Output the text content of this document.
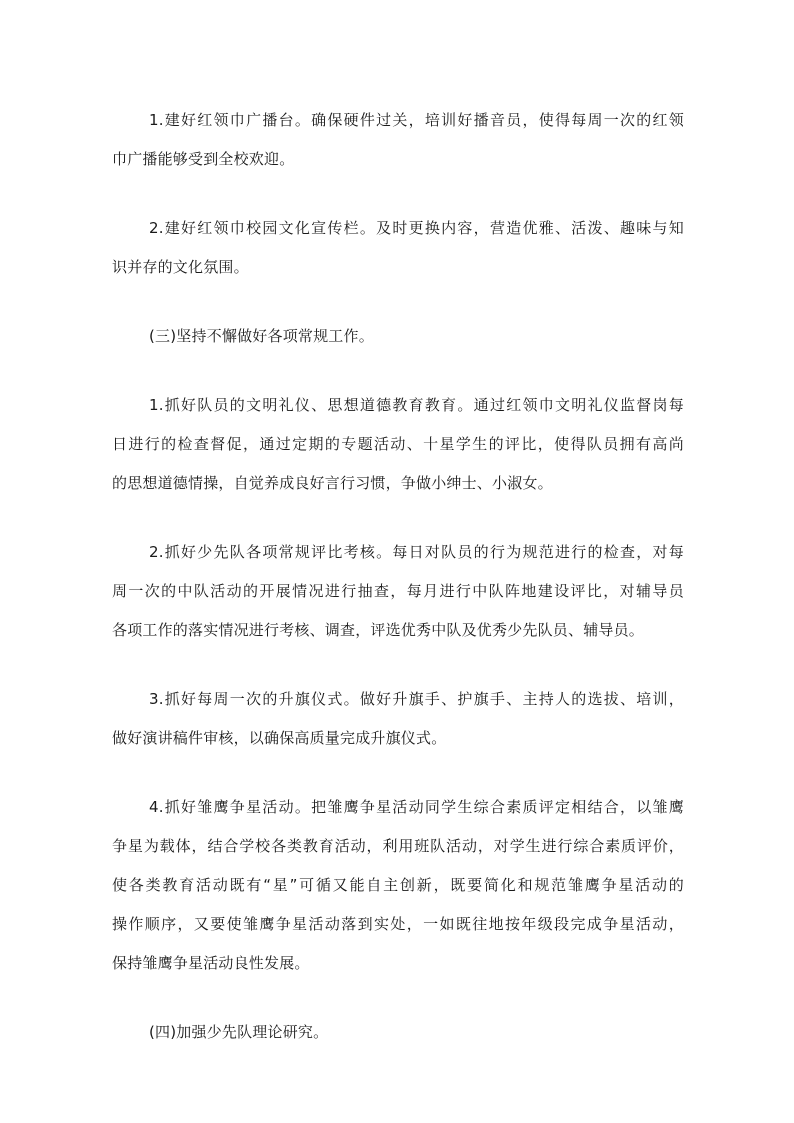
1.建好红领巾广播台。确保硬件过关，培训好播音员，使得每周一次的红领
巾广播能够受到全校欢迎。

2.建好红领巾校园文化宣传栏。及时更换内容，营造优雅、活泼、趣味与知
识并存的文化氛围。

(三)坚持不懈做好各项常规工作。

1.抓好队员的文明礼仪、思想道德教育教育。通过红领巾文明礼仪监督岗每
日进行的检查督促，通过定期的专题活动、十星学生的评比，使得队员拥有高尚
的思想道德情操，自觉养成良好言行习惯，争做小绅士、小淑女。

2.抓好少先队各项常规评比考核。每日对队员的行为规范进行的检查，对每
周一次的中队活动的开展情况进行抽查，每月进行中队阵地建设评比，对辅导员
各项工作的落实情况进行考核、调查，评选优秀中队及优秀少先队员、辅导员。

3.抓好每周一次的升旗仪式。做好升旗手、护旗手、主持人的选拔、培训，
做好演讲稿件审核，以确保高质量完成升旗仪式。

4.抓好雏鹰争星活动。把雏鹰争星活动同学生综合素质评定相结合，以雏鹰
争星为载体，结合学校各类教育活动，利用班队活动，对学生进行综合素质评价，
使各类教育活动既有“星”可循又能自主创新，既要简化和规范雏鹰争星活动的
操作顺序，又要使雏鹰争星活动落到实处，一如既往地按年级段完成争星活动，
保持雏鹰争星活动良性发展。

(四)加强少先队理论研究。
